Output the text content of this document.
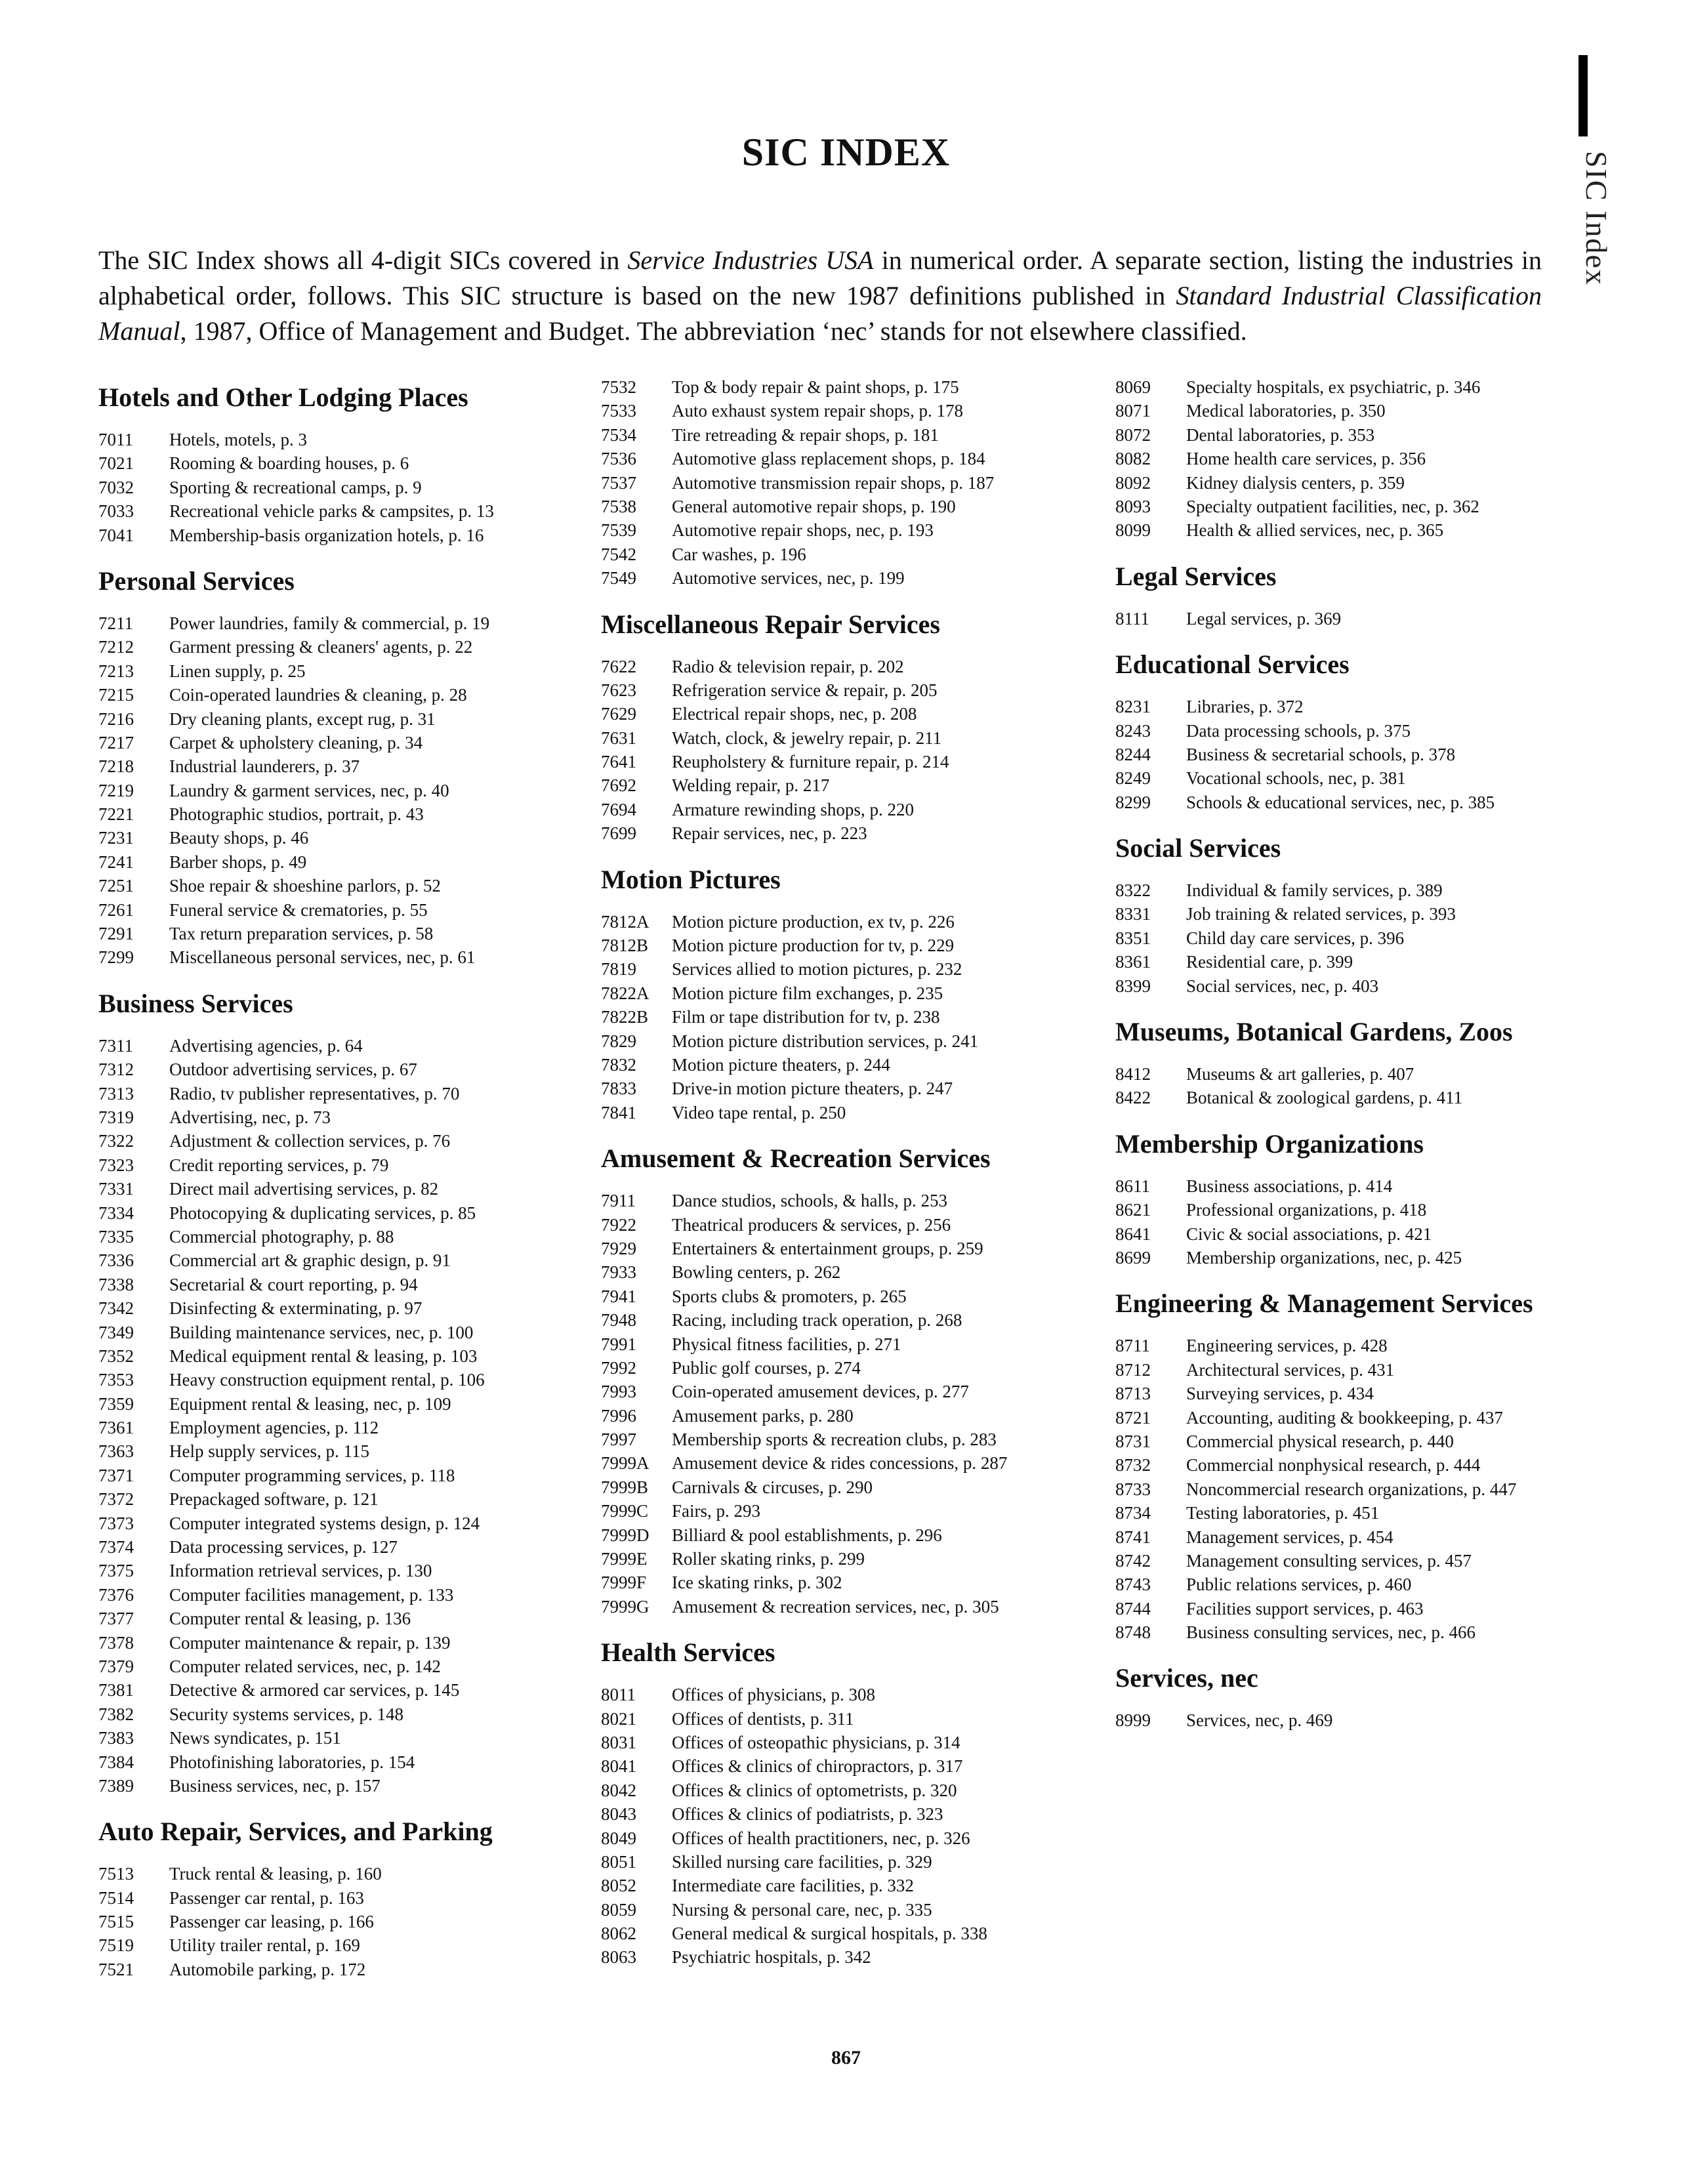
SIC Index
SIC INDEX

The SIC Index shows all 4-digit SICs covered in Service Industries USA in numerical order. A separate section, listing the industries in alphabetical order, follows. This SIC structure is based on the new 1987 definitions published in Standard Industrial Classification Manual, 1987, Office of Management and Budget. The abbreviation ‘nec’ stands for not elsewhere classified.

Hotels and Other Lodging Places
7011	Hotels, motels, p. 3
7021	Rooming & boarding houses, p. 6
7032	Sporting & recreational camps, p. 9
7033	Recreational vehicle parks & campsites, p. 13
7041	Membership-basis organization hotels, p. 16
Personal Services
7211	Power laundries, family & commercial, p. 19
7212	Garment pressing & cleaners' agents, p. 22
7213	Linen supply, p. 25
7215	Coin-operated laundries & cleaning, p. 28
7216	Dry cleaning plants, except rug, p. 31
7217	Carpet & upholstery cleaning, p. 34
7218	Industrial launderers, p. 37
7219	Laundry & garment services, nec, p. 40
7221	Photographic studios, portrait, p. 43
7231	Beauty shops, p. 46
7241	Barber shops, p. 49
7251	Shoe repair & shoeshine parlors, p. 52
7261	Funeral service & crematories, p. 55
7291	Tax return preparation services, p. 58
7299	Miscellaneous personal services, nec, p. 61
Business Services
7311	Advertising agencies, p. 64
7312	Outdoor advertising services, p. 67
7313	Radio, tv publisher representatives, p. 70
7319	Advertising, nec, p. 73
7322	Adjustment & collection services, p. 76
7323	Credit reporting services, p. 79
7331	Direct mail advertising services, p. 82
7334	Photocopying & duplicating services, p. 85
7335	Commercial photography, p. 88
7336	Commercial art & graphic design, p. 91
7338	Secretarial & court reporting, p. 94
7342	Disinfecting & exterminating, p. 97
7349	Building maintenance services, nec, p. 100
7352	Medical equipment rental & leasing, p. 103
7353	Heavy construction equipment rental, p. 106
7359	Equipment rental & leasing, nec, p. 109
7361	Employment agencies, p. 112
7363	Help supply services, p. 115
7371	Computer programming services, p. 118
7372	Prepackaged software, p. 121
7373	Computer integrated systems design, p. 124
7374	Data processing services, p. 127
7375	Information retrieval services, p. 130
7376	Computer facilities management, p. 133
7377	Computer rental & leasing, p. 136
7378	Computer maintenance & repair, p. 139
7379	Computer related services, nec, p. 142
7381	Detective & armored car services, p. 145
7382	Security systems services, p. 148
7383	News syndicates, p. 151
7384	Photofinishing laboratories, p. 154
7389	Business services, nec, p. 157
Auto Repair, Services, and Parking
7513	Truck rental & leasing, p. 160
7514	Passenger car rental, p. 163
7515	Passenger car leasing, p. 166
7519	Utility trailer rental, p. 169
7521	Automobile parking, p. 172
7532	Top & body repair & paint shops, p. 175
7533	Auto exhaust system repair shops, p. 178
7534	Tire retreading & repair shops, p. 181
7536	Automotive glass replacement shops, p. 184
7537	Automotive transmission repair shops, p. 187
7538	General automotive repair shops, p. 190
7539	Automotive repair shops, nec, p. 193
7542	Car washes, p. 196
7549	Automotive services, nec, p. 199
Miscellaneous Repair Services
7622	Radio & television repair, p. 202
7623	Refrigeration service & repair, p. 205
7629	Electrical repair shops, nec, p. 208
7631	Watch, clock, & jewelry repair, p. 211
7641	Reupholstery & furniture repair, p. 214
7692	Welding repair, p. 217
7694	Armature rewinding shops, p. 220
7699	Repair services, nec, p. 223
Motion Pictures
7812A	Motion picture production, ex tv, p. 226
7812B	Motion picture production for tv, p. 229
7819	Services allied to motion pictures, p. 232
7822A	Motion picture film exchanges, p. 235
7822B	Film or tape distribution for tv, p. 238
7829	Motion picture distribution services, p. 241
7832	Motion picture theaters, p. 244
7833	Drive-in motion picture theaters, p. 247
7841	Video tape rental, p. 250
Amusement & Recreation Services
7911	Dance studios, schools, & halls, p. 253
7922	Theatrical producers & services, p. 256
7929	Entertainers & entertainment groups, p. 259
7933	Bowling centers, p. 262
7941	Sports clubs & promoters, p. 265
7948	Racing, including track operation, p. 268
7991	Physical fitness facilities, p. 271
7992	Public golf courses, p. 274
7993	Coin-operated amusement devices, p. 277
7996	Amusement parks, p. 280
7997	Membership sports & recreation clubs, p. 283
7999A	Amusement device & rides concessions, p. 287
7999B	Carnivals & circuses, p. 290
7999C	Fairs, p. 293
7999D	Billiard & pool establishments, p. 296
7999E	Roller skating rinks, p. 299
7999F	Ice skating rinks, p. 302
7999G	Amusement & recreation services, nec, p. 305
Health Services
8011	Offices of physicians, p. 308
8021	Offices of dentists, p. 311
8031	Offices of osteopathic physicians, p. 314
8041	Offices & clinics of chiropractors, p. 317
8042	Offices & clinics of optometrists, p. 320
8043	Offices & clinics of podiatrists, p. 323
8049	Offices of health practitioners, nec, p. 326
8051	Skilled nursing care facilities, p. 329
8052	Intermediate care facilities, p. 332
8059	Nursing & personal care, nec, p. 335
8062	General medical & surgical hospitals, p. 338
8063	Psychiatric hospitals, p. 342
8069	Specialty hospitals, ex psychiatric, p. 346
8071	Medical laboratories, p. 350
8072	Dental laboratories, p. 353
8082	Home health care services, p. 356
8092	Kidney dialysis centers, p. 359
8093	Specialty outpatient facilities, nec, p. 362
8099	Health & allied services, nec, p. 365
Legal Services
8111	Legal services, p. 369
Educational Services
8231	Libraries, p. 372
8243	Data processing schools, p. 375
8244	Business & secretarial schools, p. 378
8249	Vocational schools, nec, p. 381
8299	Schools & educational services, nec, p. 385
Social Services
8322	Individual & family services, p. 389
8331	Job training & related services, p. 393
8351	Child day care services, p. 396
8361	Residential care, p. 399
8399	Social services, nec, p. 403
Museums, Botanical Gardens, Zoos
8412	Museums & art galleries, p. 407
8422	Botanical & zoological gardens, p. 411
Membership Organizations
8611	Business associations, p. 414
8621	Professional organizations, p. 418
8641	Civic & social associations, p. 421
8699	Membership organizations, nec, p. 425
Engineering & Management Services
8711	Engineering services, p. 428
8712	Architectural services, p. 431
8713	Surveying services, p. 434
8721	Accounting, auditing & bookkeeping, p. 437
8731	Commercial physical research, p. 440
8732	Commercial nonphysical research, p. 444
8733	Noncommercial research organizations, p. 447
8734	Testing laboratories, p. 451
8741	Management services, p. 454
8742	Management consulting services, p. 457
8743	Public relations services, p. 460
8744	Facilities support services, p. 463
8748	Business consulting services, nec, p. 466
Services, nec
8999	Services, nec, p. 469
867
